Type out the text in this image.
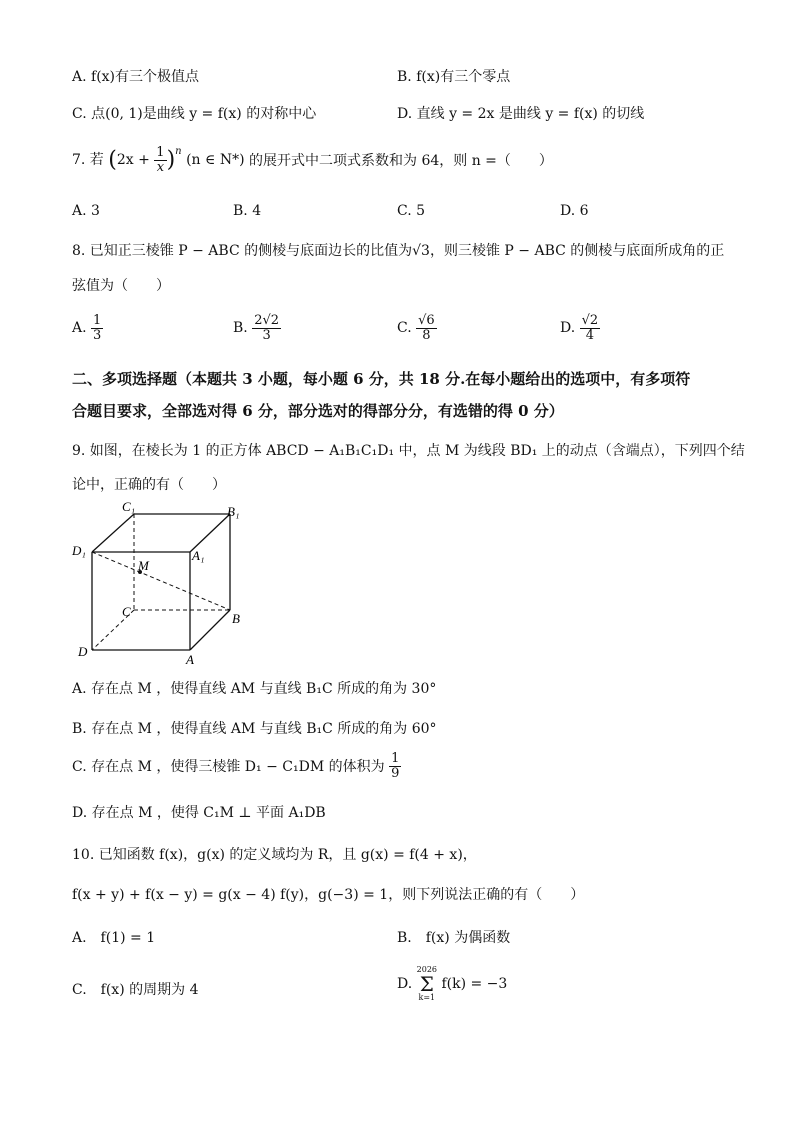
A. f(x)有三个极值点	B. f(x)有三个零点
C. 点(0, 1)是曲线 y = f(x) 的对称中心	D. 直线 y = 2x 是曲线 y = f(x) 的切线
7. 若 $(2x + \frac{1}{x} )^n$ (n ∈ N*) 的展开式中二项式系数和为 64，则 n =（　　）
A. 3	B. 4	C. 5	D. 6
8. 已知正三棱锥 P − ABC 的侧棱与底面边长的比值为√3，则三棱锥 P − ABC 的侧棱与底面所成角的正
弦值为（　　）
A. $\frac{1}{3}$	B. $\frac{2√2}{3}$	C. $\frac{√6}{8}$	D. $\frac{√2}{4}$
二、多项选择题（本题共 3 小题，每小题 6 分，共 18 分.在每小题给出的选项中，有多项符
合题目要求，全部选对得 6 分，部分选对的得部分分，有选错的得 0 分）
9. 如图，在棱长为 1 的正方体 ABCD − A₁B₁C₁D₁ 中，点 M 为线段 BD₁ 上的动点（含端点），下列四个结
论中，正确的有（　　）
C₁	B₁
D₁	A₁
M
C	B
D
A
A. 存在点 M ，使得直线 AM 与直线 B₁C 所成的角为 30°
B. 存在点 M ，使得直线 AM 与直线 B₁C 所成的角为 60°
C. 存在点 M ，使得三棱锥 D₁ − C₁DM 的体积为 $\frac{1}{9}$
D. 存在点 M ，使得 C₁M ⊥ 平面 A₁DB
10. 已知函数 f(x)，g(x) 的定义域均为 R，且 g(x) = f(4 + x)，
f(x + y) + f(x − y) = g(x − 4) f(y)，g(−3) = 1，则下列说法正确的有（　　）
A.　f(1) = 1	B.　f(x) 为偶函数
C.　f(x) 的周期为 4	D.
2026
Σ
k=1
f(k) = −3
